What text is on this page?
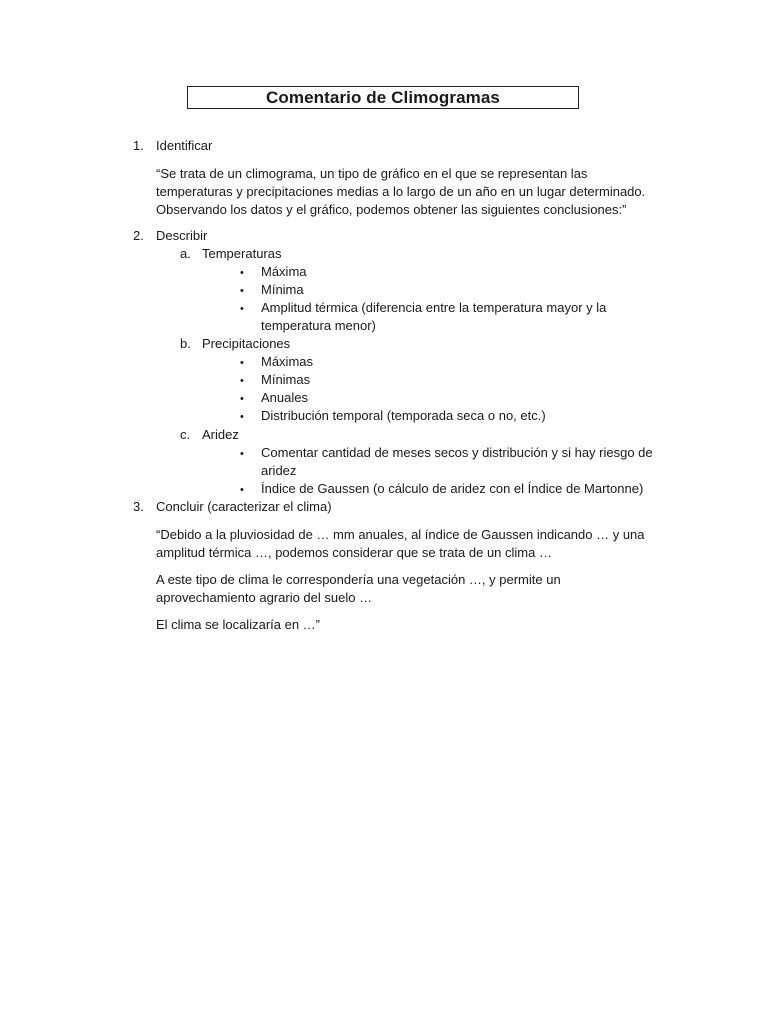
Comentario de Climogramas
1. Identificar
“Se trata de un climograma, un tipo de gráfico en el que se representan las
temperaturas y precipitaciones medias a lo largo de un año en un lugar determinado.
Observando los datos y el gráfico, podemos obtener las siguientes conclusiones:”
2. Describir
a. Temperaturas
• Máxima
• Mínima
• Amplitud térmica (diferencia entre la temperatura mayor y la
temperatura menor)
b. Precipitaciones
• Máximas
• Mínimas
• Anuales
• Distribución temporal (temporada seca o no, etc.)
c. Aridez
• Comentar cantidad de meses secos y distribución y si hay riesgo de
aridez
• Índice de Gaussen (o cálculo de aridez con el Índice de Martonne)
3. Concluir (caracterizar el clima)
“Debido a la pluviosidad de … mm anuales, al índice de Gaussen indicando … y una
amplitud térmica …, podemos considerar que se trata de un clima …
A este tipo de clima le correspondería una vegetación …, y permite un
aprovechamiento agrario del suelo …
El clima se localizaría en …”
